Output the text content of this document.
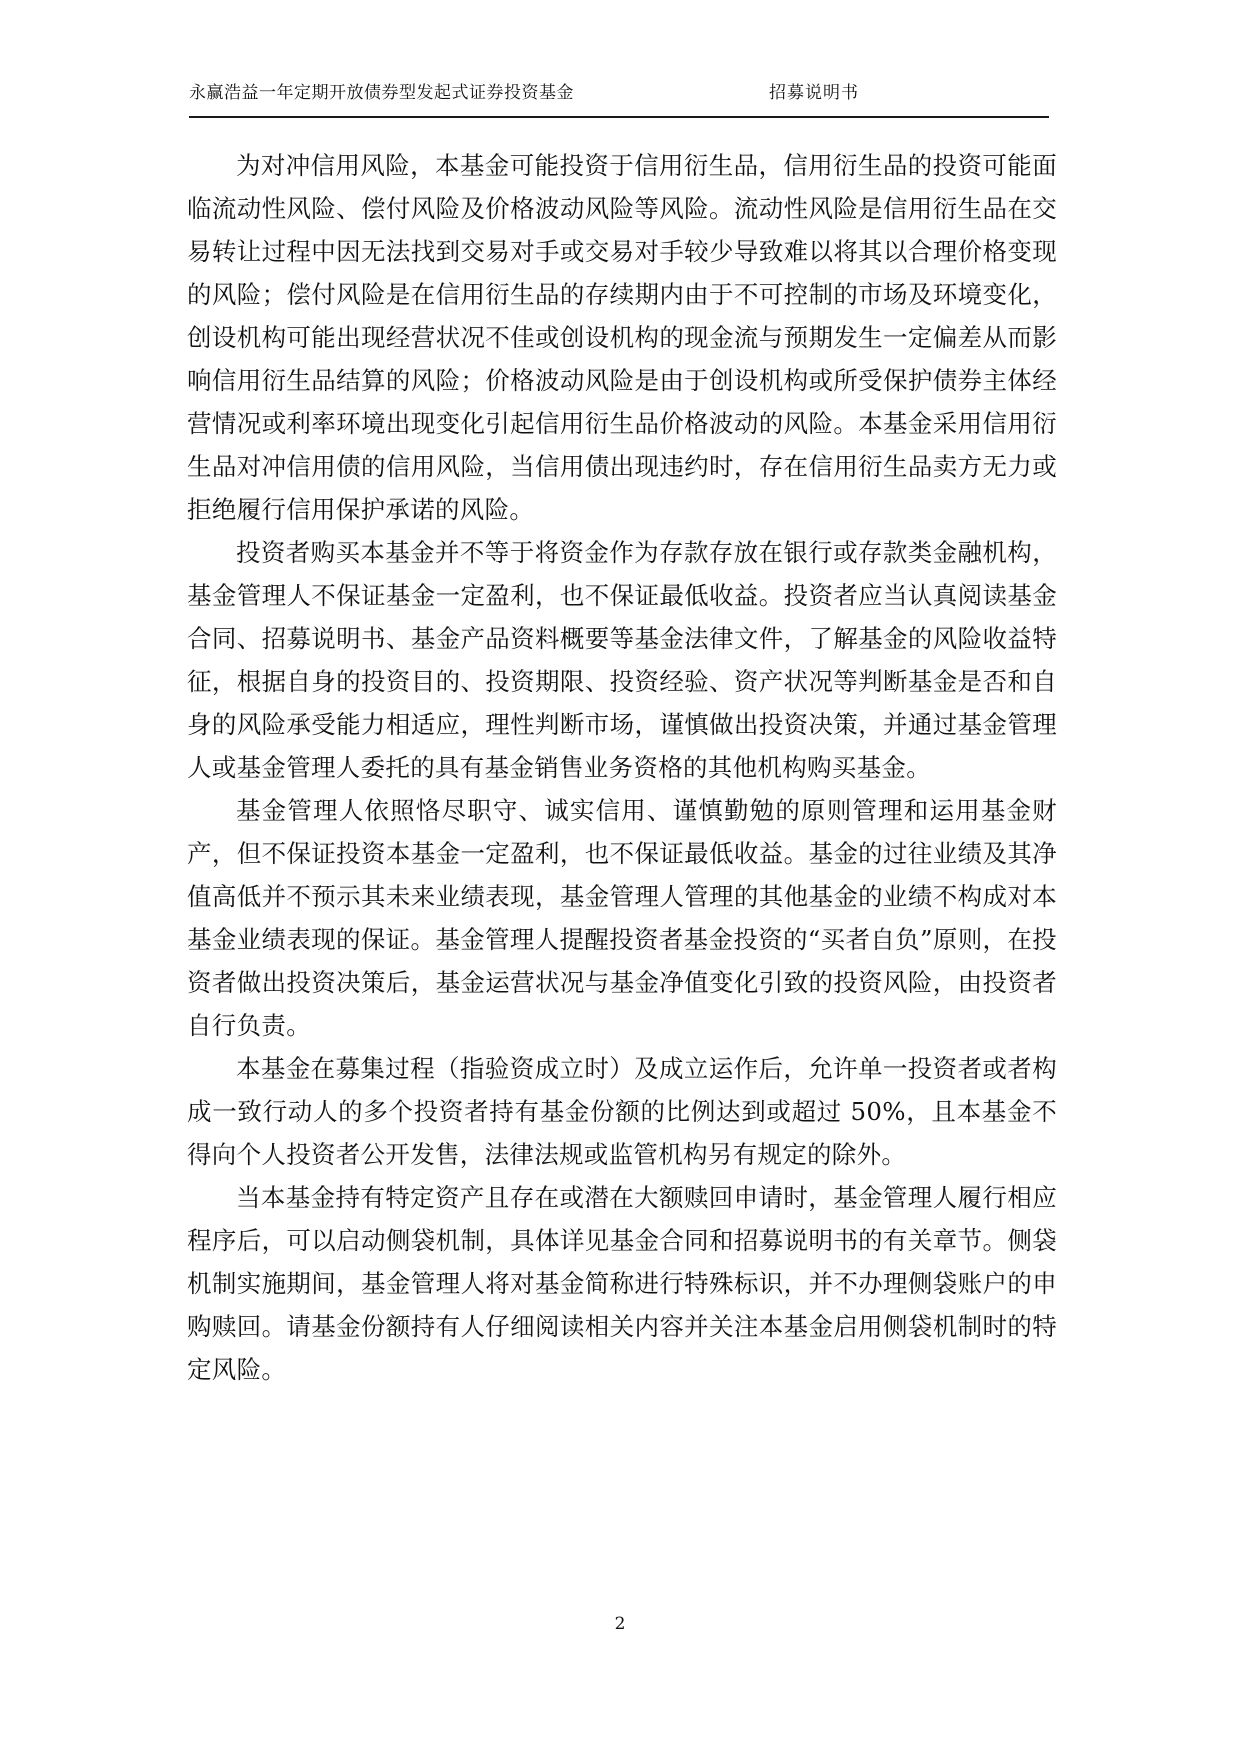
永赢浩益一年定期开放债券型发起式证券投资基金	招募说明书

为对冲信用风险，本基金可能投资于信用衍生品，信用衍生品的投资可能面临流动性风险、偿付风险及价格波动风险等风险。流动性风险是信用衍生品在交易转让过程中因无法找到交易对手或交易对手较少导致难以将其以合理价格变现的风险；偿付风险是在信用衍生品的存续期内由于不可控制的市场及环境变化，创设机构可能出现经营状况不佳或创设机构的现金流与预期发生一定偏差从而影响信用衍生品结算的风险；价格波动风险是由于创设机构或所受保护债券主体经营情况或利率环境出现变化引起信用衍生品价格波动的风险。本基金采用信用衍生品对冲信用债的信用风险，当信用债出现违约时，存在信用衍生品卖方无力或拒绝履行信用保护承诺的风险。

投资者购买本基金并不等于将资金作为存款存放在银行或存款类金融机构，基金管理人不保证基金一定盈利，也不保证最低收益。投资者应当认真阅读基金合同、招募说明书、基金产品资料概要等基金法律文件，了解基金的风险收益特征，根据自身的投资目的、投资期限、投资经验、资产状况等判断基金是否和自身的风险承受能力相适应，理性判断市场，谨慎做出投资决策，并通过基金管理人或基金管理人委托的具有基金销售业务资格的其他机构购买基金。

基金管理人依照恪尽职守、诚实信用、谨慎勤勉的原则管理和运用基金财产，但不保证投资本基金一定盈利，也不保证最低收益。基金的过往业绩及其净值高低并不预示其未来业绩表现，基金管理人管理的其他基金的业绩不构成对本基金业绩表现的保证。基金管理人提醒投资者基金投资的“买者自负”原则，在投资者做出投资决策后，基金运营状况与基金净值变化引致的投资风险，由投资者自行负责。

本基金在募集过程（指验资成立时）及成立运作后，允许单一投资者或者构成一致行动人的多个投资者持有基金份额的比例达到或超过 50%，且本基金不得向个人投资者公开发售，法律法规或监管机构另有规定的除外。

当本基金持有特定资产且存在或潜在大额赎回申请时，基金管理人履行相应程序后，可以启动侧袋机制，具体详见基金合同和招募说明书的有关章节。侧袋机制实施期间，基金管理人将对基金简称进行特殊标识，并不办理侧袋账户的申购赎回。请基金份额持有人仔细阅读相关内容并关注本基金启用侧袋机制时的特定风险。

2
